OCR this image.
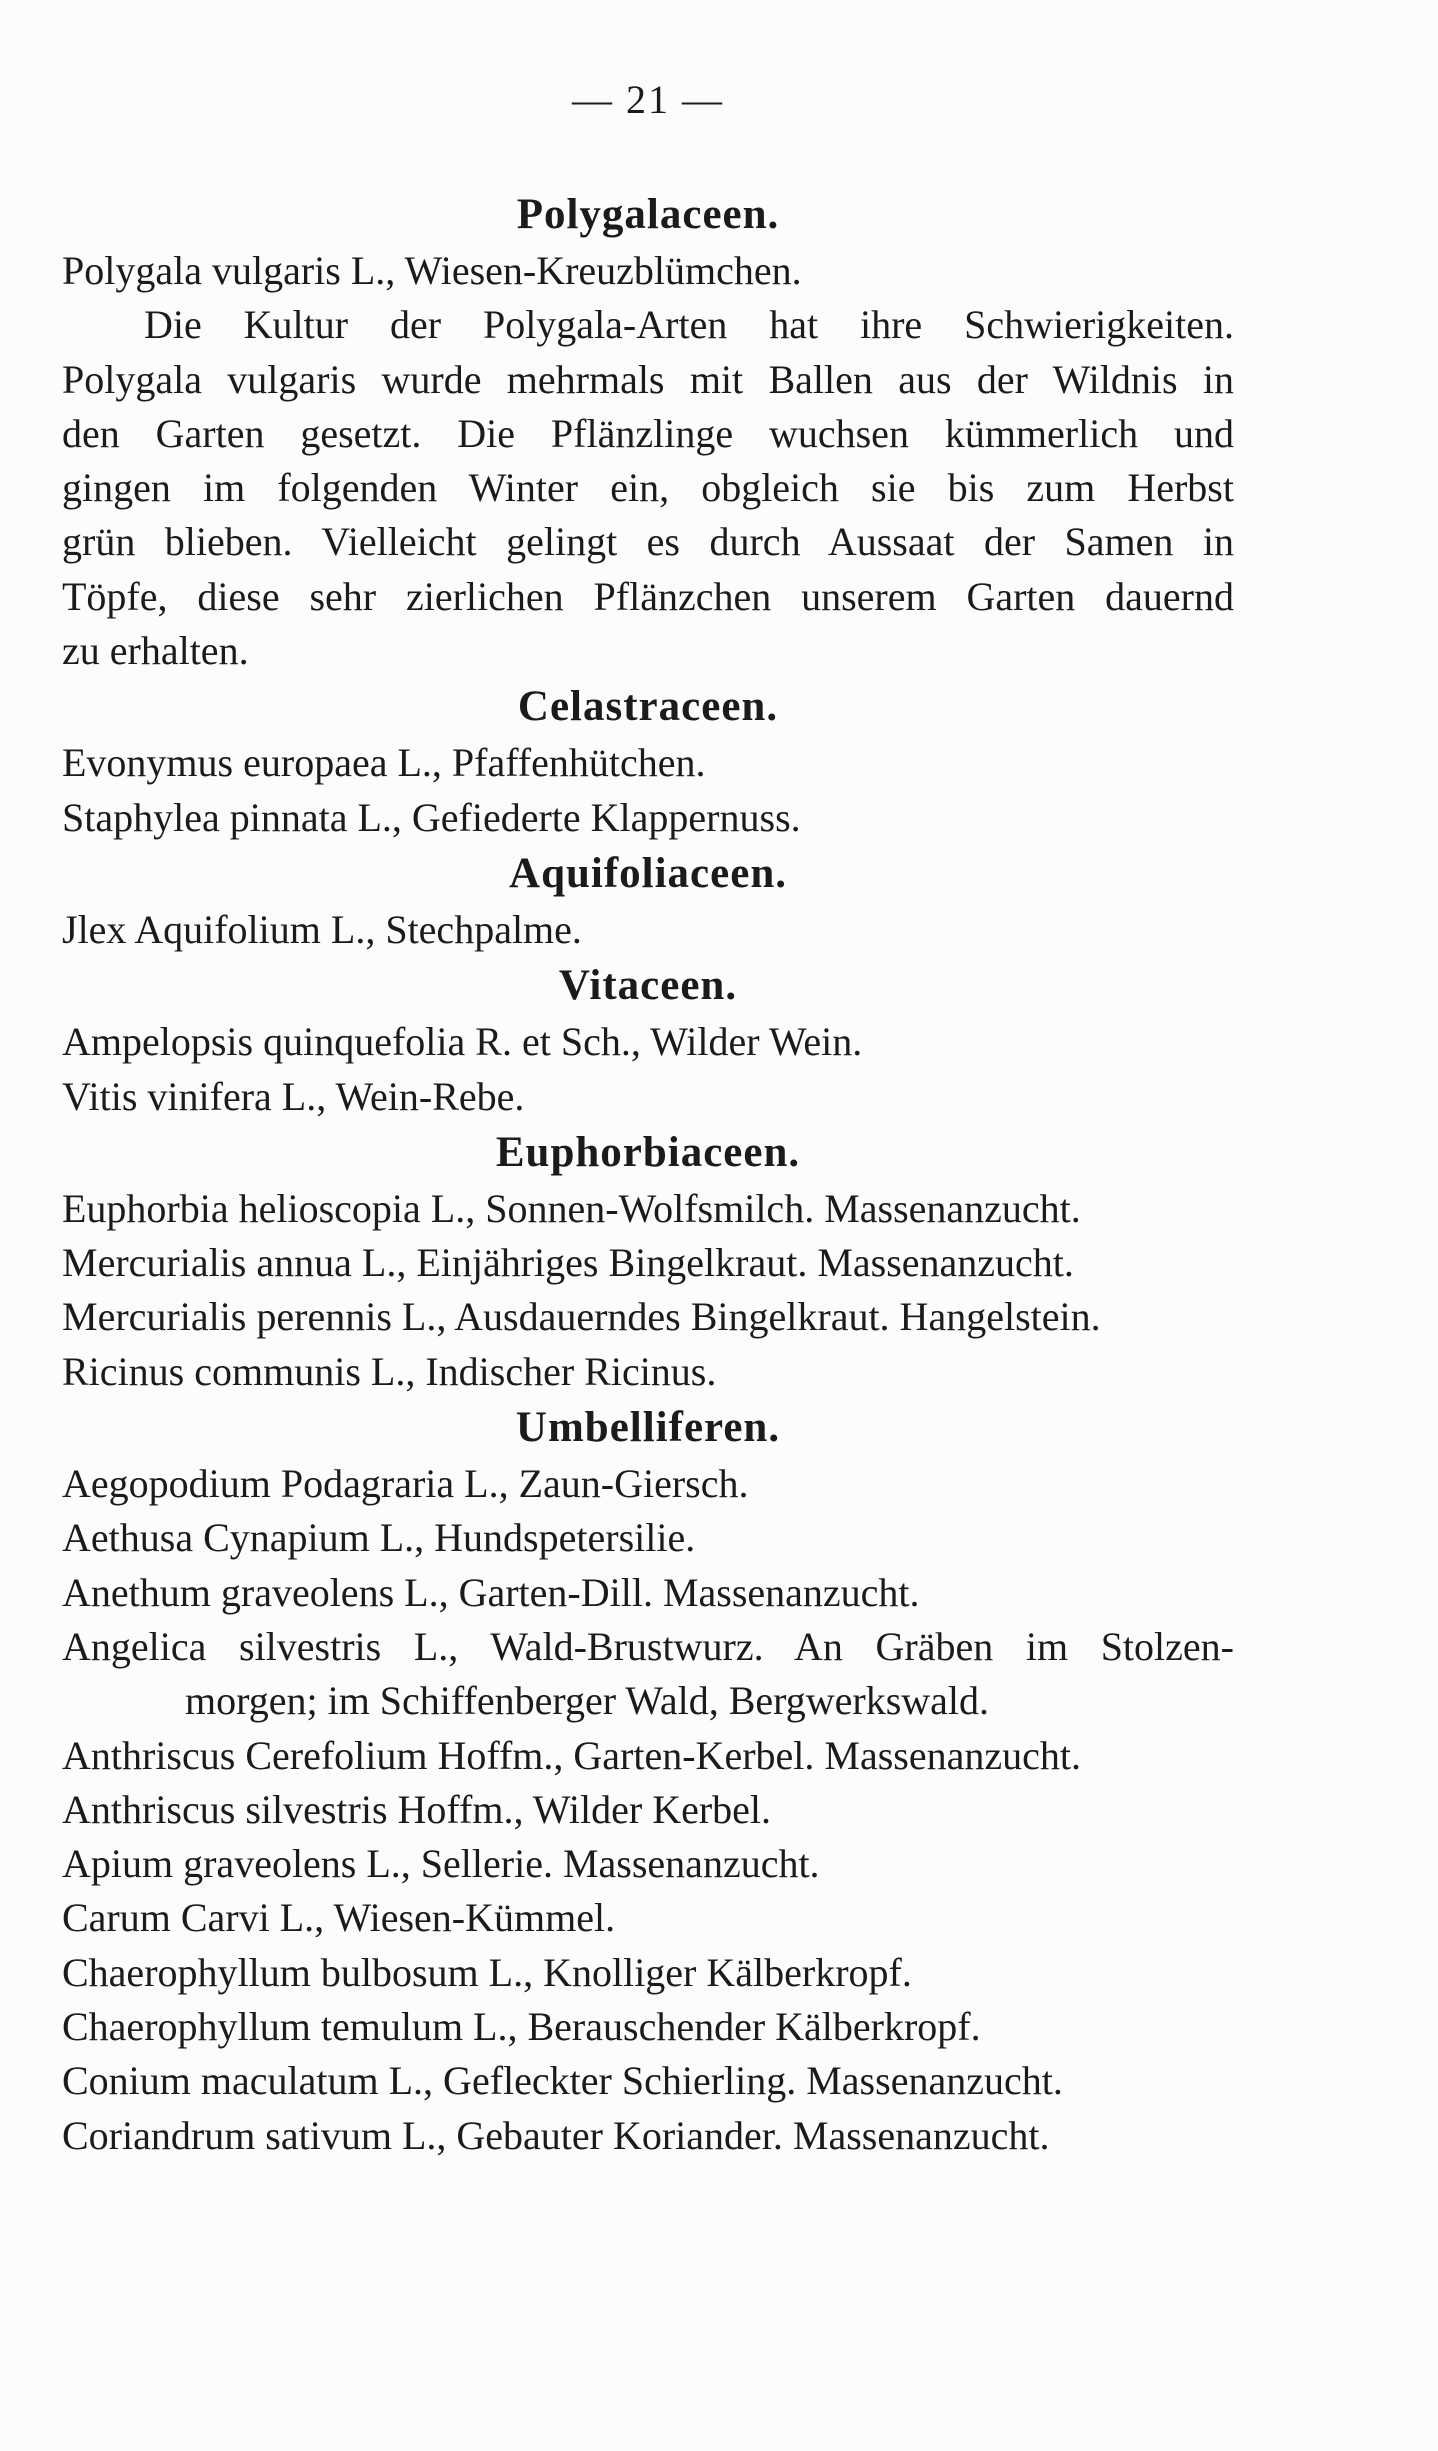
— 21 —
Polygalaceen.

Polygala vulgaris L., Wiesen-Kreuzblümchen.

Die Kultur der Polygala-Arten hat ihre Schwierigkeiten.

Polygala vulgaris wurde mehrmals mit Ballen aus der Wildnis in

den Garten gesetzt. Die Pflänzlinge wuchsen kümmerlich und

gingen im folgenden Winter ein, obgleich sie bis zum Herbst

grün blieben. Vielleicht gelingt es durch Aussaat der Samen in

Töpfe, diese sehr zierlichen Pflänzchen unserem Garten dauernd

zu erhalten.

Celastraceen.

Evonymus europaea L., Pfaffenhütchen.

Staphylea pinnata L., Gefiederte Klappernuss.

Aquifoliaceen.

Jlex Aquifolium L., Stechpalme.

Vitaceen.

Ampelopsis quinquefolia R. et Sch., Wilder Wein.

Vitis vinifera L., Wein-Rebe.

Euphorbiaceen.

Euphorbia helioscopia L., Sonnen-Wolfsmilch. Massenanzucht.

Mercurialis annua L., Einjähriges Bingelkraut. Massenanzucht.

Mercurialis perennis L., Ausdauerndes Bingelkraut. Hangelstein.

Ricinus communis L., Indischer Ricinus.

Umbelliferen.

Aegopodium Podagraria L., Zaun-Giersch.

Aethusa Cynapium L., Hundspetersilie.

Anethum graveolens L., Garten-Dill. Massenanzucht.

Angelica silvestris L., Wald-Brustwurz. An Gräben im Stolzen-

morgen; im Schiffenberger Wald, Bergwerkswald.

Anthriscus Cerefolium Hoffm., Garten-Kerbel. Massenanzucht.

Anthriscus silvestris Hoffm., Wilder Kerbel.

Apium graveolens L., Sellerie. Massenanzucht.

Carum Carvi L., Wiesen-Kümmel.

Chaerophyllum bulbosum L., Knolliger Kälberkropf.

Chaerophyllum temulum L., Berauschender Kälberkropf.

Conium maculatum L., Gefleckter Schierling. Massenanzucht.

Coriandrum sativum L., Gebauter Koriander. Massenanzucht.
